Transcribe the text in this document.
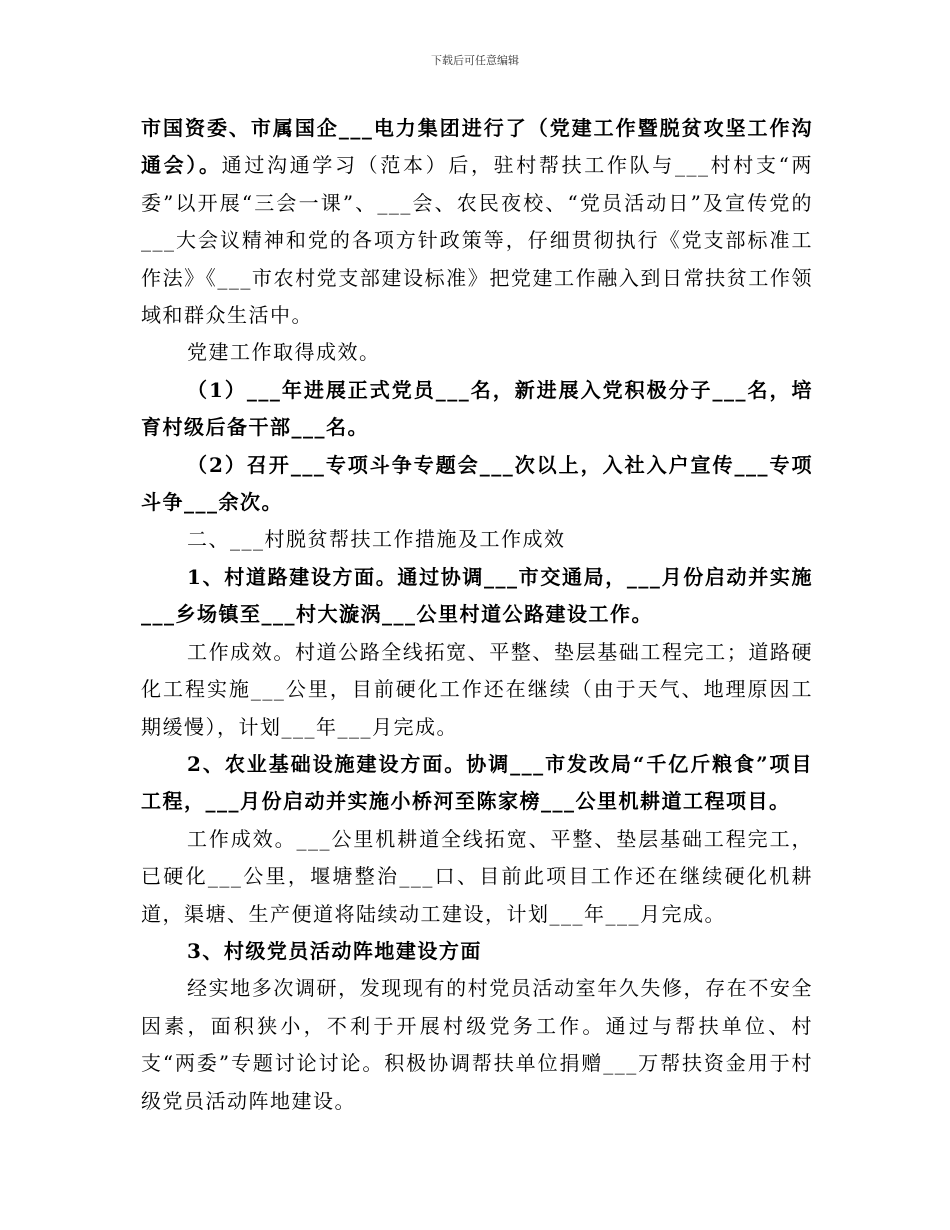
下载后可任意编辑
市国资委、市属国企___电力集团进行了（党建工作暨脱贫攻坚工作沟通会）。通过沟通学习（范本）后，驻村帮扶工作队与___村村支“两委”以开展“三会一课”、___会、农民夜校、“党员活动日”及宣传党的___大会议精神和党的各项方针政策等，仔细贯彻执行《党支部标准工作法》《___市农村党支部建设标准》把党建工作融入到日常扶贫工作领域和群众生活中。

党建工作取得成效。

（1）___年进展正式党员___名，新进展入党积极分子___名，培育村级后备干部___名。

（2）召开___专项斗争专题会___次以上，入社入户宣传___专项斗争___余次。

二、___村脱贫帮扶工作措施及工作成效

1、村道路建设方面。通过协调___市交通局，___月份启动并实施___乡场镇至___村大漩涡___公里村道公路建设工作。

工作成效。村道公路全线拓宽、平整、垫层基础工程完工；道路硬化工程实施___公里，目前硬化工作还在继续（由于天气、地理原因工期缓慢），计划___年___月完成。

2、农业基础设施建设方面。协调___市发改局“千亿斤粮食”项目工程，___月份启动并实施小桥河至陈家榜___公里机耕道工程项目。

工作成效。___公里机耕道全线拓宽、平整、垫层基础工程完工，已硬化___公里，堰塘整治___口、目前此项目工作还在继续硬化机耕道，渠塘、生产便道将陆续动工建设，计划___年___月完成。

3、村级党员活动阵地建设方面

经实地多次调研，发现现有的村党员活动室年久失修，存在不安全因素，面积狭小，不利于开展村级党务工作。通过与帮扶单位、村支“两委”专题讨论讨论。积极协调帮扶单位捐赠___万帮扶资金用于村级党员活动阵地建设。
